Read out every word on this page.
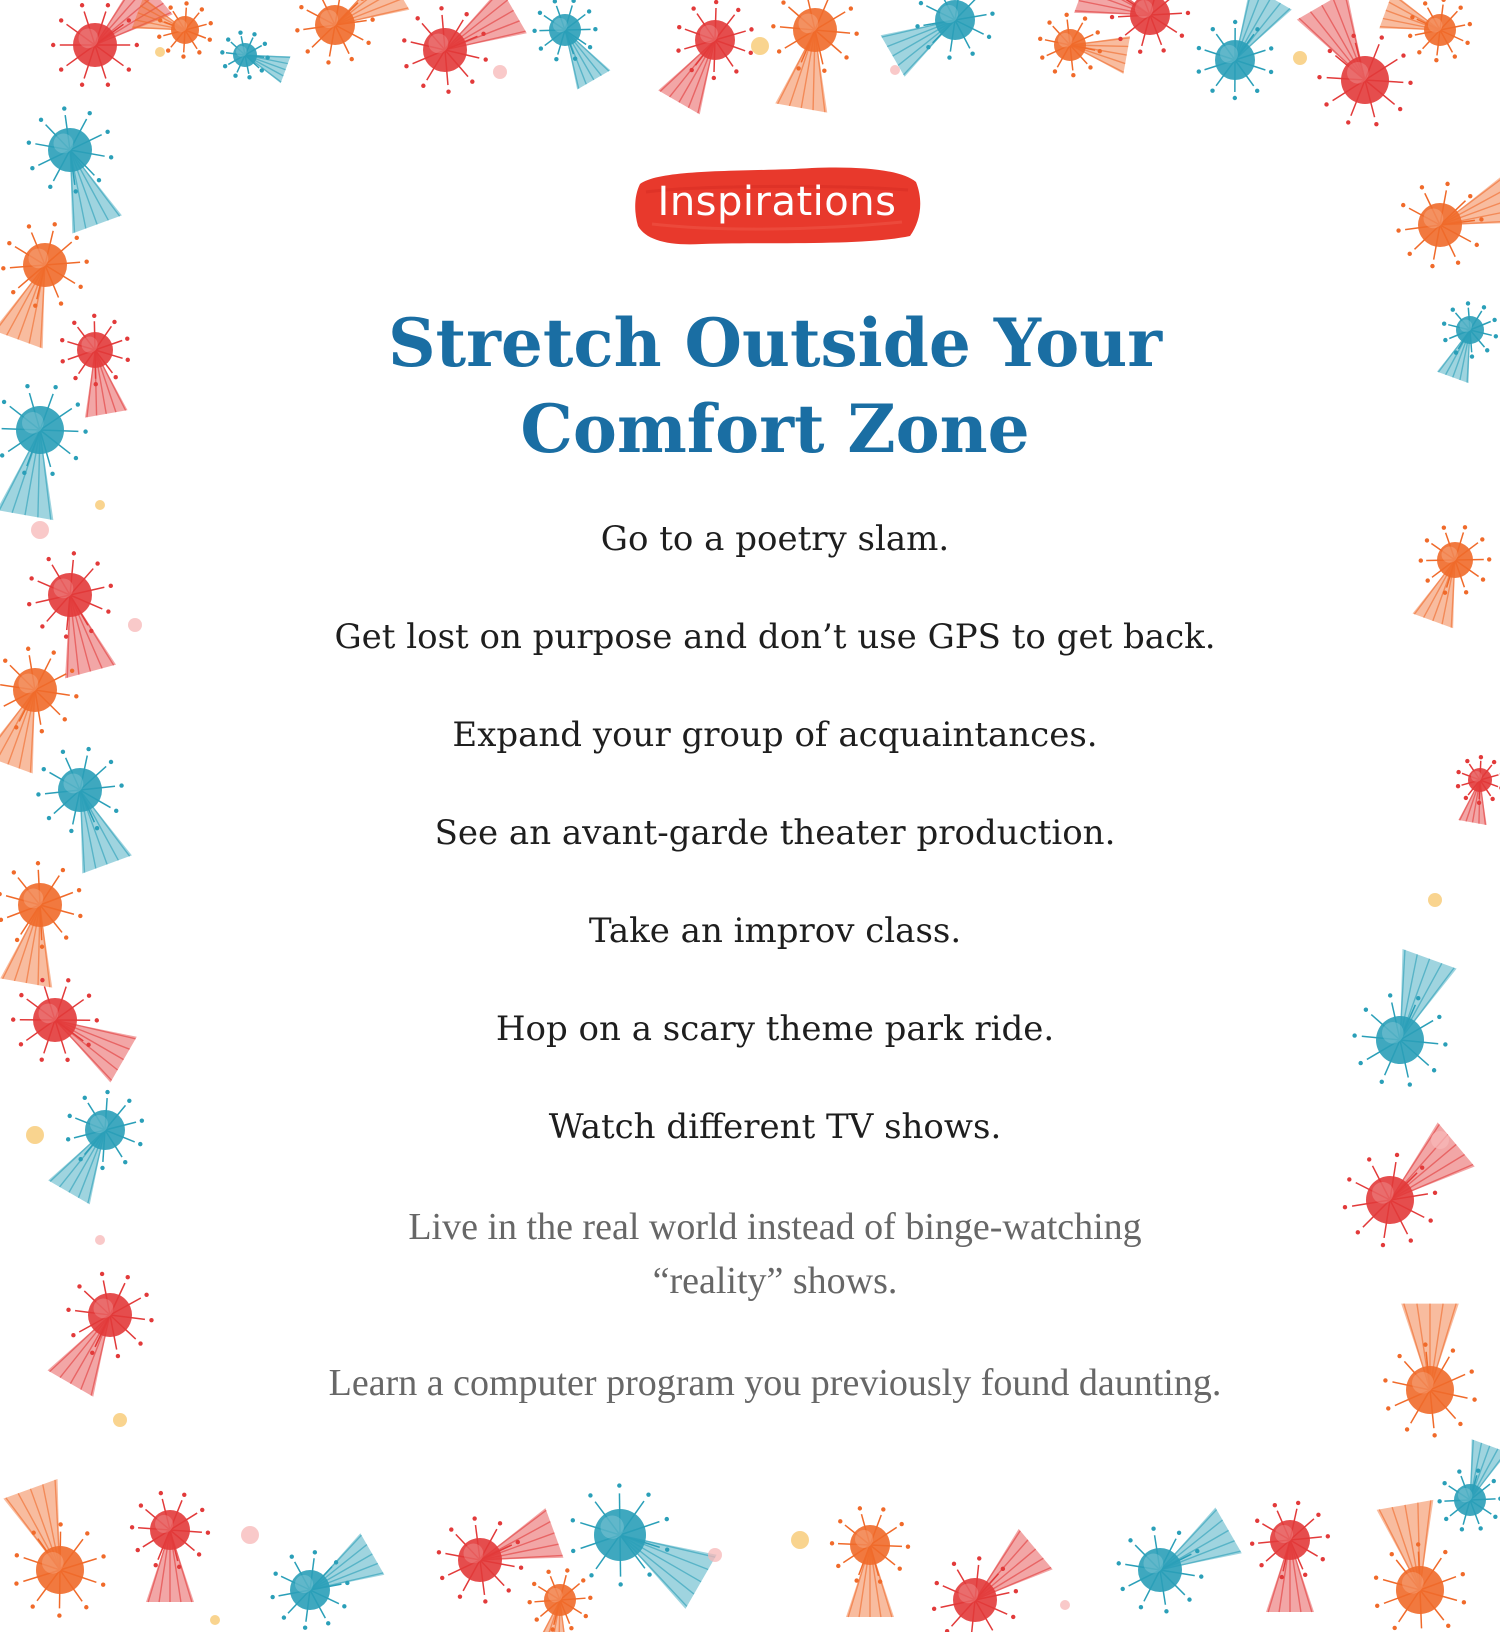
Inspirations
Stretch Outside Your
Comfort Zone
Go to a poetry slam.
Get lost on purpose and don’t use GPS to get back.
Expand your group of acquaintances.
See an avant-garde theater production.
Take an improv class.
Hop on a scary theme park ride.
Watch different TV shows.
Live in the real world instead of binge-watching “reality” shows.
Learn a computer program you previously found daunting.
